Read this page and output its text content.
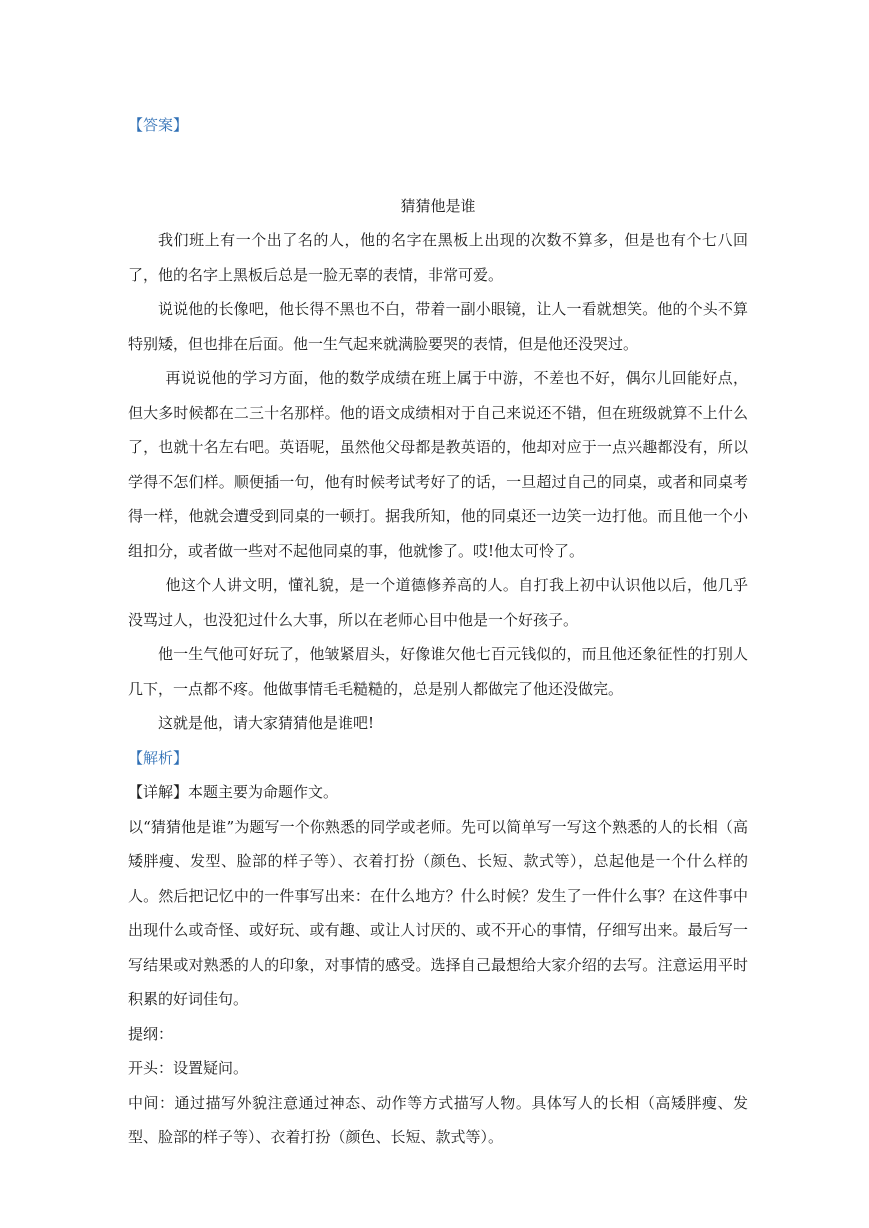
【答案】

猜猜他是谁

我们班上有一个出了名的人，他的名字在黑板上出现的次数不算多，但是也有个七八回了，他的名字上黑板后总是一脸无辜的表情，非常可爱。

说说他的长像吧，他长得不黑也不白，带着一副小眼镜，让人一看就想笑。他的个头不算特别矮，但也排在后面。他一生气起来就满脸要哭的表情，但是他还没哭过。

再说说他的学习方面，他的数学成绩在班上属于中游，不差也不好，偶尔儿回能好点，但大多时候都在二三十名那样。他的语文成绩相对于自己来说还不错，但在班级就算不上什么了，也就十名左右吧。英语呢，虽然他父母都是教英语的，他却对应于一点兴趣都没有，所以学得不怎们样。顺便插一句，他有时候考试考好了的话，一旦超过自己的同桌，或者和同桌考得一样，他就会遭受到同桌的一顿打。据我所知，他的同桌还一边笑一边打他。而且他一个小组扣分，或者做一些对不起他同桌的事，他就惨了。哎!他太可怜了。

他这个人讲文明，懂礼貌，是一个道德修养高的人。自打我上初中认识他以后，他几乎没骂过人，也没犯过什么大事，所以在老师心目中他是一个好孩子。

他一生气他可好玩了，他皱紧眉头，好像谁欠他七百元钱似的，而且他还象征性的打别人几下，一点都不疼。他做事情毛毛糙糙的，总是别人都做完了他还没做完。

这就是他，请大家猜猜他是谁吧!

【解析】

【详解】本题主要为命题作文。

以“猜猜他是谁”为题写一个你熟悉的同学或老师。先可以简单写一写这个熟悉的人的长相（高矮胖瘦、发型、脸部的样子等）、衣着打扮（颜色、长短、款式等），总起他是一个什么样的人。然后把记忆中的一件事写出来：在什么地方？什么时候？发生了一件什么事？在这件事中出现什么或奇怪、或好玩、或有趣、或让人讨厌的、或不开心的事情，仔细写出来。最后写一写结果或对熟悉的人的印象，对事情的感受。选择自己最想给大家介绍的去写。注意运用平时积累的好词佳句。

提纲：

开头：设置疑问。

中间：通过描写外貌注意通过神态、动作等方式描写人物。具体写人的长相（高矮胖瘦、发型、脸部的样子等）、衣着打扮（颜色、长短、款式等）。
